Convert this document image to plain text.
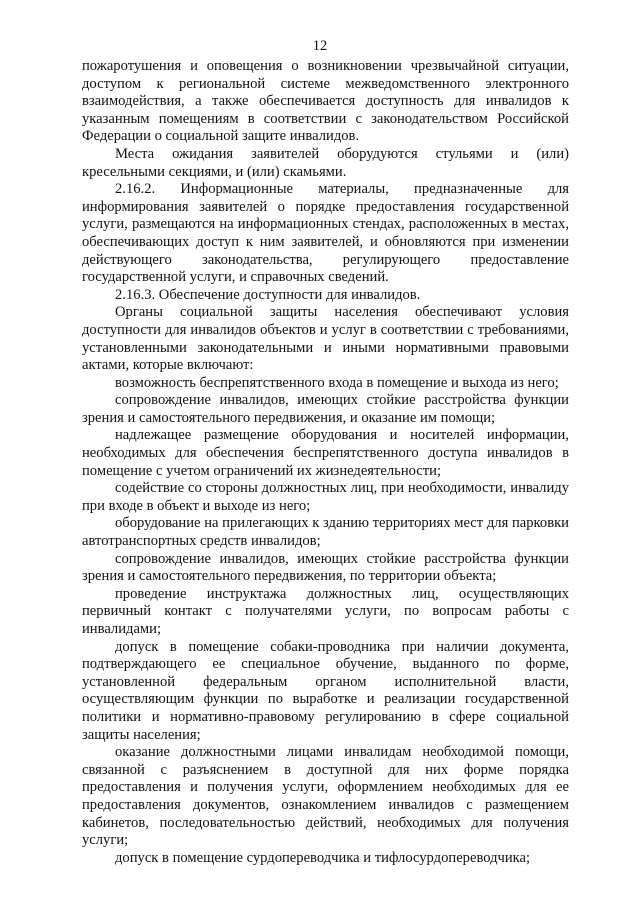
12

пожаротушения и оповещения о возникновении чрезвычайной ситуации, доступом к региональной системе межведомственного электронного взаимодействия, а также обеспечивается доступность для инвалидов к указанным помещениям в соответствии с законодательством Российской Федерации о социальной защите инвалидов.

Места ожидания заявителей оборудуются стульями и (или) кресельными секциями, и (или) скамьями.

2.16.2. Информационные материалы, предназначенные для информирования заявителей о порядке предоставления государственной услуги, размещаются на информационных стендах, расположенных в местах, обеспечивающих доступ к ним заявителей, и обновляются при изменении действующего законодательства, регулирующего предоставление государственной услуги, и справочных сведений.

2.16.3. Обеспечение доступности для инвалидов.

Органы социальной защиты населения обеспечивают условия доступности для инвалидов объектов и услуг в соответствии с требованиями, установленными законодательными и иными нормативными правовыми актами, которые включают:

возможность беспрепятственного входа в помещение и выхода из него;

сопровождение инвалидов, имеющих стойкие расстройства функции зрения и самостоятельного передвижения, и оказание им помощи;

надлежащее размещение оборудования и носителей информации, необходимых для обеспечения беспрепятственного доступа инвалидов в помещение с учетом ограничений их жизнедеятельности;

содействие со стороны должностных лиц, при необходимости, инвалиду при входе в объект и выходе из него;

оборудование на прилегающих к зданию территориях мест для парковки автотранспортных средств инвалидов;

сопровождение инвалидов, имеющих стойкие расстройства функции зрения и самостоятельного передвижения, по территории объекта;

проведение инструктажа должностных лиц, осуществляющих первичный контакт с получателями услуги, по вопросам работы с инвалидами;

допуск в помещение собаки-проводника при наличии документа, подтверждающего ее специальное обучение, выданного по форме, установленной федеральным органом исполнительной власти, осуществляющим функции по выработке и реализации государственной политики и нормативно-правовому регулированию в сфере социальной защиты населения;

оказание должностными лицами инвалидам необходимой помощи, связанной с разъяснением в доступной для них форме порядка предоставления и получения услуги, оформлением необходимых для ее предоставления документов, ознакомлением инвалидов с размещением кабинетов, последовательностью действий, необходимых для получения услуги;

допуск в помещение сурдопереводчика и тифлосурдопереводчика;
